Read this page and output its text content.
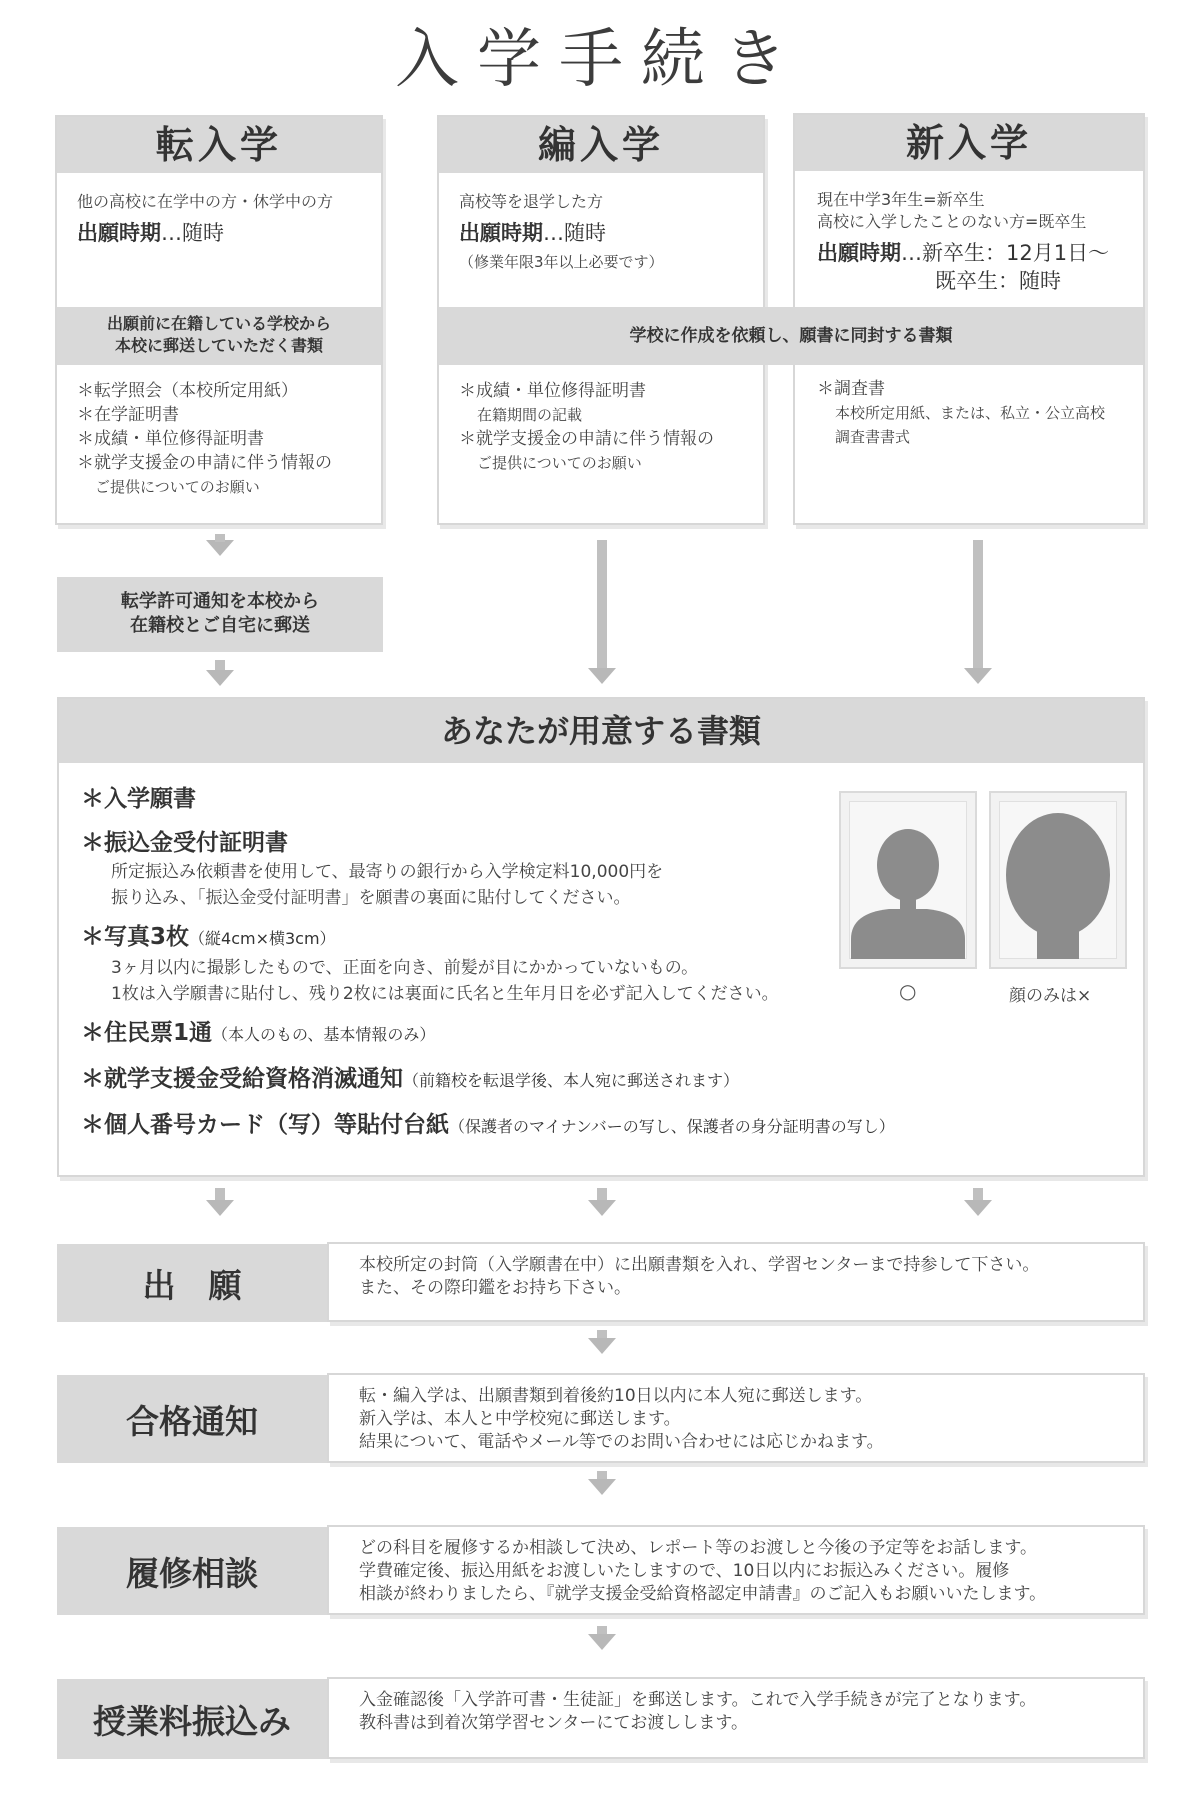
入学手続き
転入学
他の高校に在学中の方・休学中の方
出願時期…随時
出願前に在籍している学校から
本校に郵送していただく書類
＊ 転学照会（本校所定用紙）
＊ 在学証明書
＊ 成績・単位修得証明書
＊ 就学支援金の申請に伴う情報の
ご提供についてのお願い
編入学
高校等を退学した方
出願時期…随時
（修業年限3年以上必要です）
＊ 成績・単位修得証明書
在籍期間の記載
＊ 就学支援金の申請に伴う情報の
ご提供についてのお願い
新入学
現在中学3年生=新卒生
高校に入学したことのない方=既卒生
出願時期…新卒生：12月1日～
既卒生：随時
＊ 調査書
本校所定用紙、または、私立・公立高校
調査書書式
学校に作成を依頼し、願書に同封する書類
転学許可通知を本校から
在籍校とご自宅に郵送
あなたが用意する書類
＊入学願書
＊振込金受付証明書
所定振込み依頼書を使用して、最寄りの銀行から入学検定料10,000円を
振り込み、「振込金受付証明書」を願書の裏面に貼付してください。
＊写真3枚（縦4cm×横3cm）
3ヶ月以内に撮影したもので、正面を向き、前髪が目にかかっていないもの。
1枚は入学願書に貼付し、残り2枚には裏面に氏名と生年月日を必ず記入してください。
＊住民票1通（本人のもの、基本情報のみ）
＊就学支援金受給資格消滅通知（前籍校を転退学後、本人宛に郵送されます）
＊個人番号カード（写）等貼付台紙（保護者のマイナンバーの写し、保護者の身分証明書の写し）
○	顔のみは×
出　願
本校所定の封筒（入学願書在中）に出願書類を入れ、学習センターまで持参して下さい。
また、その際印鑑をお持ち下さい。
合格通知
転・編入学は、出願書類到着後約10日以内に本人宛に郵送します。
新入学は、本人と中学校宛に郵送します。
結果について、電話やメール等でのお問い合わせには応じかねます。
履修相談
どの科目を履修するか相談して決め、レポート等のお渡しと今後の予定等をお話します。
学費確定後、振込用紙をお渡しいたしますので、10日以内にお振込みください。履修
相談が終わりましたら、『就学支援金受給資格認定申請書』のご記入もお願いいたします。
授業料振込み
入金確認後「入学許可書・生徒証」を郵送します。これで入学手続きが完了となります。
教科書は到着次第学習センターにてお渡しします。
